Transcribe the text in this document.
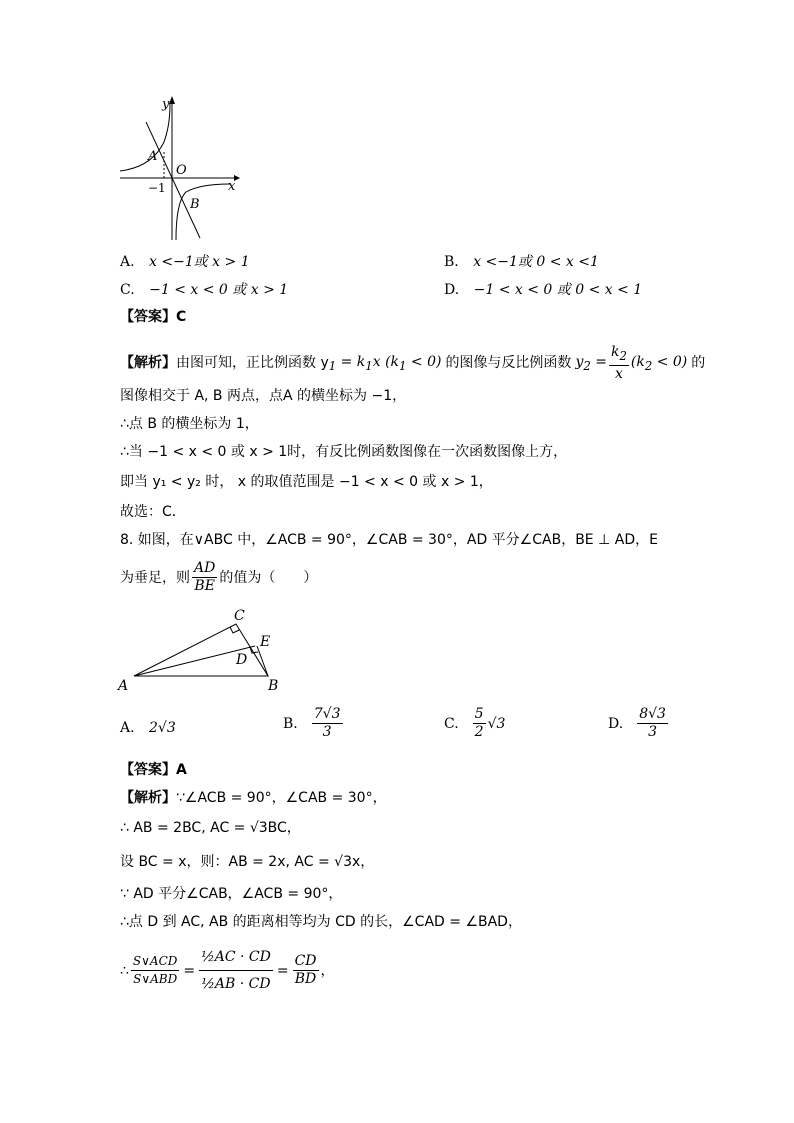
y
x
O
A
B
−1
A. x <−1或 x > 1	B. x <−1或 0 < x <1
C. −1 < x < 0 或 x > 1	D. −1 < x < 0 或 0 < x < 1
【答案】C
【解析】 由图可知，正比例函数 y $_1 = k_1x$ $(k_1 < 0)$ 的图像与反比例函数 $y_2 = \frac{k_2}{x} (k_2 < 0)$ 的
图像相交于 A, B 两点，点A 的横坐标为 −1，
∴点 B 的横坐标为 1，
∴当 −1 < x < 0 或 x > 1时，有反比例函数图像在一次函数图像上方，
即当 y₁ < y₂ 时， x 的取值范围是 −1 < x < 0 或 x > 1，
故选：C．
8. 如图，在∨ABC 中，∠ACB = 90°，∠CAB = 30°，AD 平分∠CAB，BE ⊥ AD，E
为垂足，则 $\frac{AD}{BE}$ 的值为（　　）
C
E
D
A	B
A. 2√3	B. $\frac{7√3}{3}$	C. $\frac{5}{2} √3$	D. $\frac{8√3}{3}$
【答案】A
【解析】∵∠ACB = 90°，∠CAB = 30°，
∴ AB = 2BC, AC = √3BC，
设 BC = x，则：AB = 2x, AC = √3x，
∵ AD 平分∠CAB，∠ACB = 90°，
∴点 D 到 AC, AB 的距离相等均为 CD 的长，∠CAD = ∠BAD，
∴ $\frac{\text{S∨ACD}}{\text{S∨ABD}} = \frac{\text{½AC · CD}}{\text{½AB · CD}} = \frac{CD}{BD}$ ，
